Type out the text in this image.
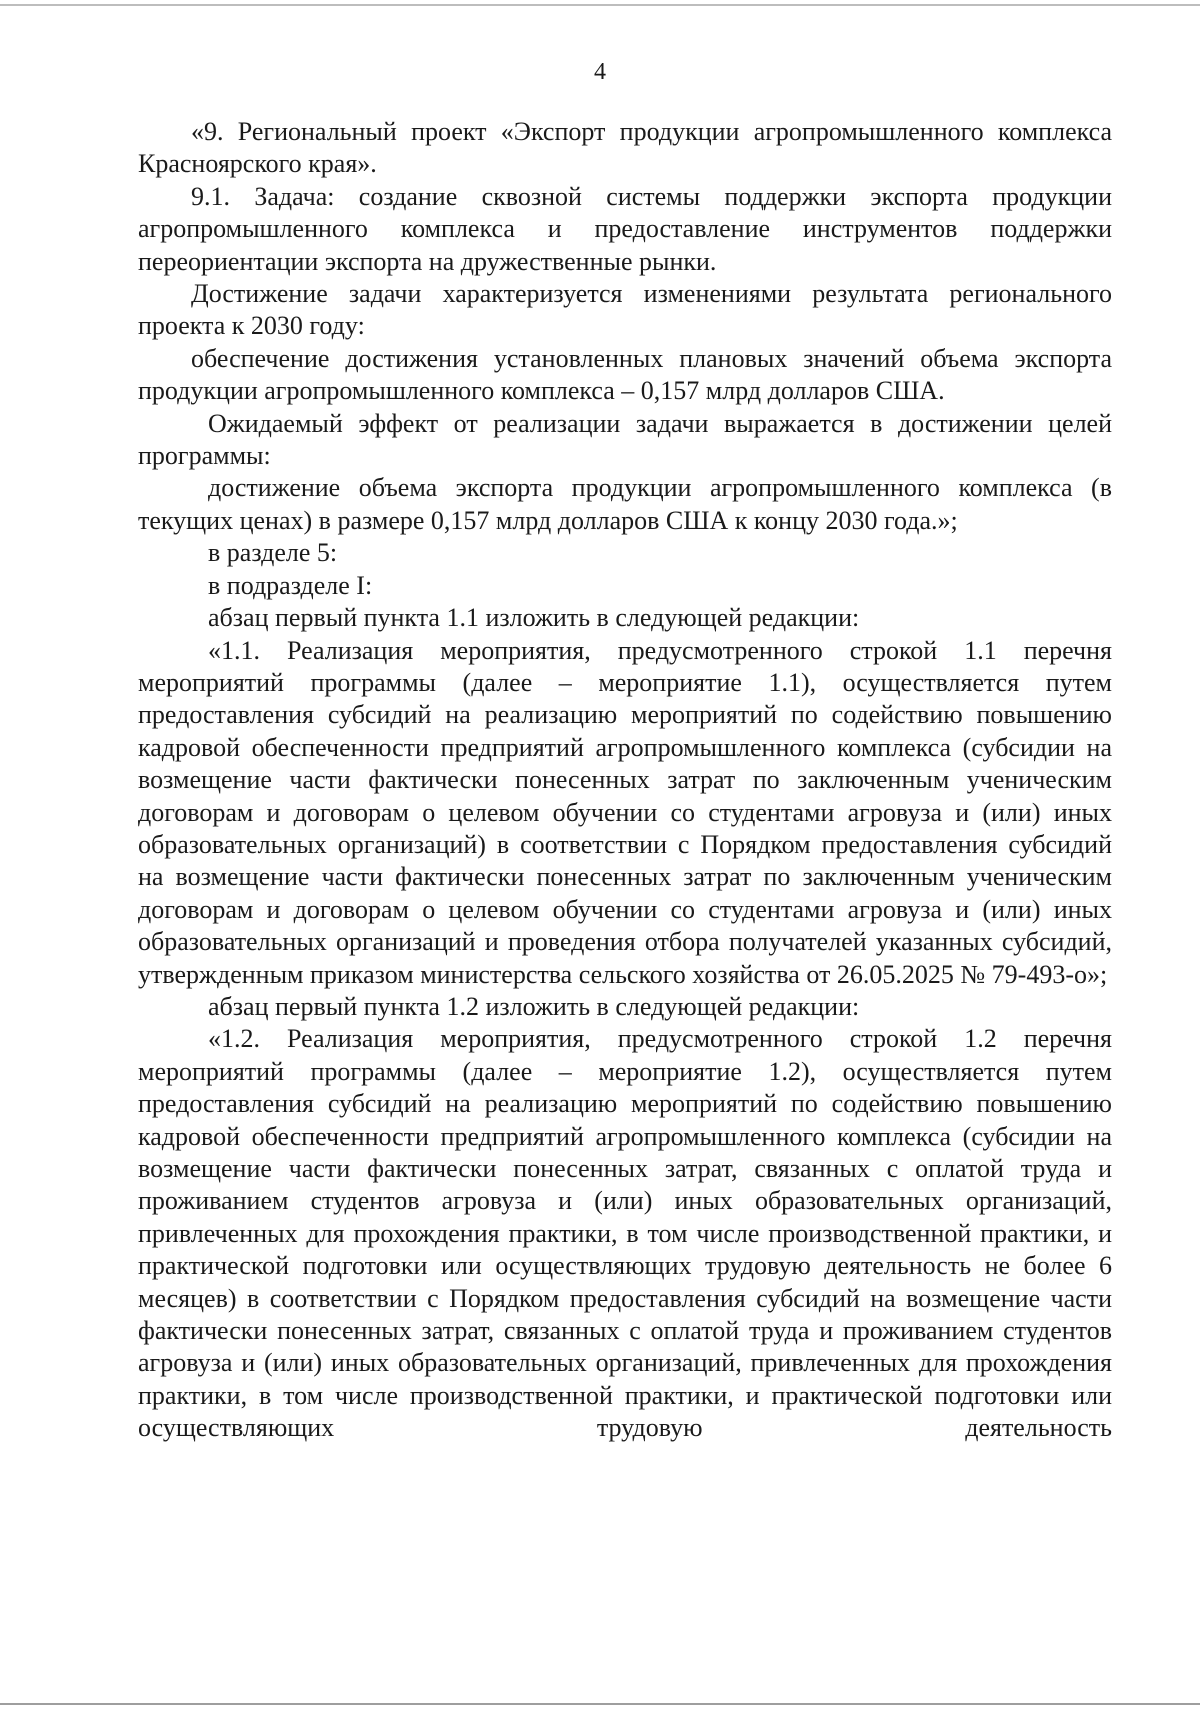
4

«9. Региональный проект «Экспорт продукции агропромышленного комплекса Красноярского края».

9.1. Задача: создание сквозной системы поддержки экспорта продукции агропромышленного комплекса и предоставление инструментов поддержки переориентации экспорта на дружественные рынки.

Достижение задачи характеризуется изменениями результата регионального проекта к 2030 году:

обеспечение достижения установленных плановых значений объема экспорта продукции агропромышленного комплекса – 0,157 млрд долларов США.

Ожидаемый эффект от реализации задачи выражается в достижении целей программы:

достижение объема экспорта продукции агропромышленного комплекса (в текущих ценах) в размере 0,157 млрд долларов США к концу 2030 года.»;

в разделе 5:

в подразделе I:

абзац первый пункта 1.1 изложить в следующей редакции:

«1.1. Реализация мероприятия, предусмотренного строкой 1.1 перечня мероприятий программы (далее – мероприятие 1.1), осуществляется путем предоставления субсидий на реализацию мероприятий по содействию повышению кадровой обеспеченности предприятий агропромышленного комплекса (субсидии на возмещение части фактически понесенных затрат по заключенным ученическим договорам и договорам о целевом обучении со студентами агровуза и (или) иных образовательных организаций) в соответствии с Порядком предоставления субсидий на возмещение части фактически понесенных затрат по заключенным ученическим договорам и договорам о целевом обучении со студентами агровуза и (или) иных образовательных организаций и проведения отбора получателей указанных субсидий, утвержденным приказом министерства сельского хозяйства от 26.05.2025 № 79-493-о»;

абзац первый пункта 1.2 изложить в следующей редакции:

«1.2. Реализация мероприятия, предусмотренного строкой 1.2 перечня мероприятий программы (далее – мероприятие 1.2), осуществляется путем предоставления субсидий на реализацию мероприятий по содействию повышению кадровой обеспеченности предприятий агропромышленного комплекса (субсидии на возмещение части фактически понесенных затрат, связанных с оплатой труда и проживанием студентов агровуза и (или) иных образовательных организаций, привлеченных для прохождения практики, в том числе производственной практики, и практической подготовки или осуществляющих трудовую деятельность не более 6 месяцев) в соответствии с Порядком предоставления субсидий на возмещение части фактически понесенных затрат, связанных с оплатой труда и проживанием студентов агровуза и (или) иных образовательных организаций, привлеченных для прохождения практики, в том числе производственной практики, и практической подготовки или осуществляющих трудовую деятельность
